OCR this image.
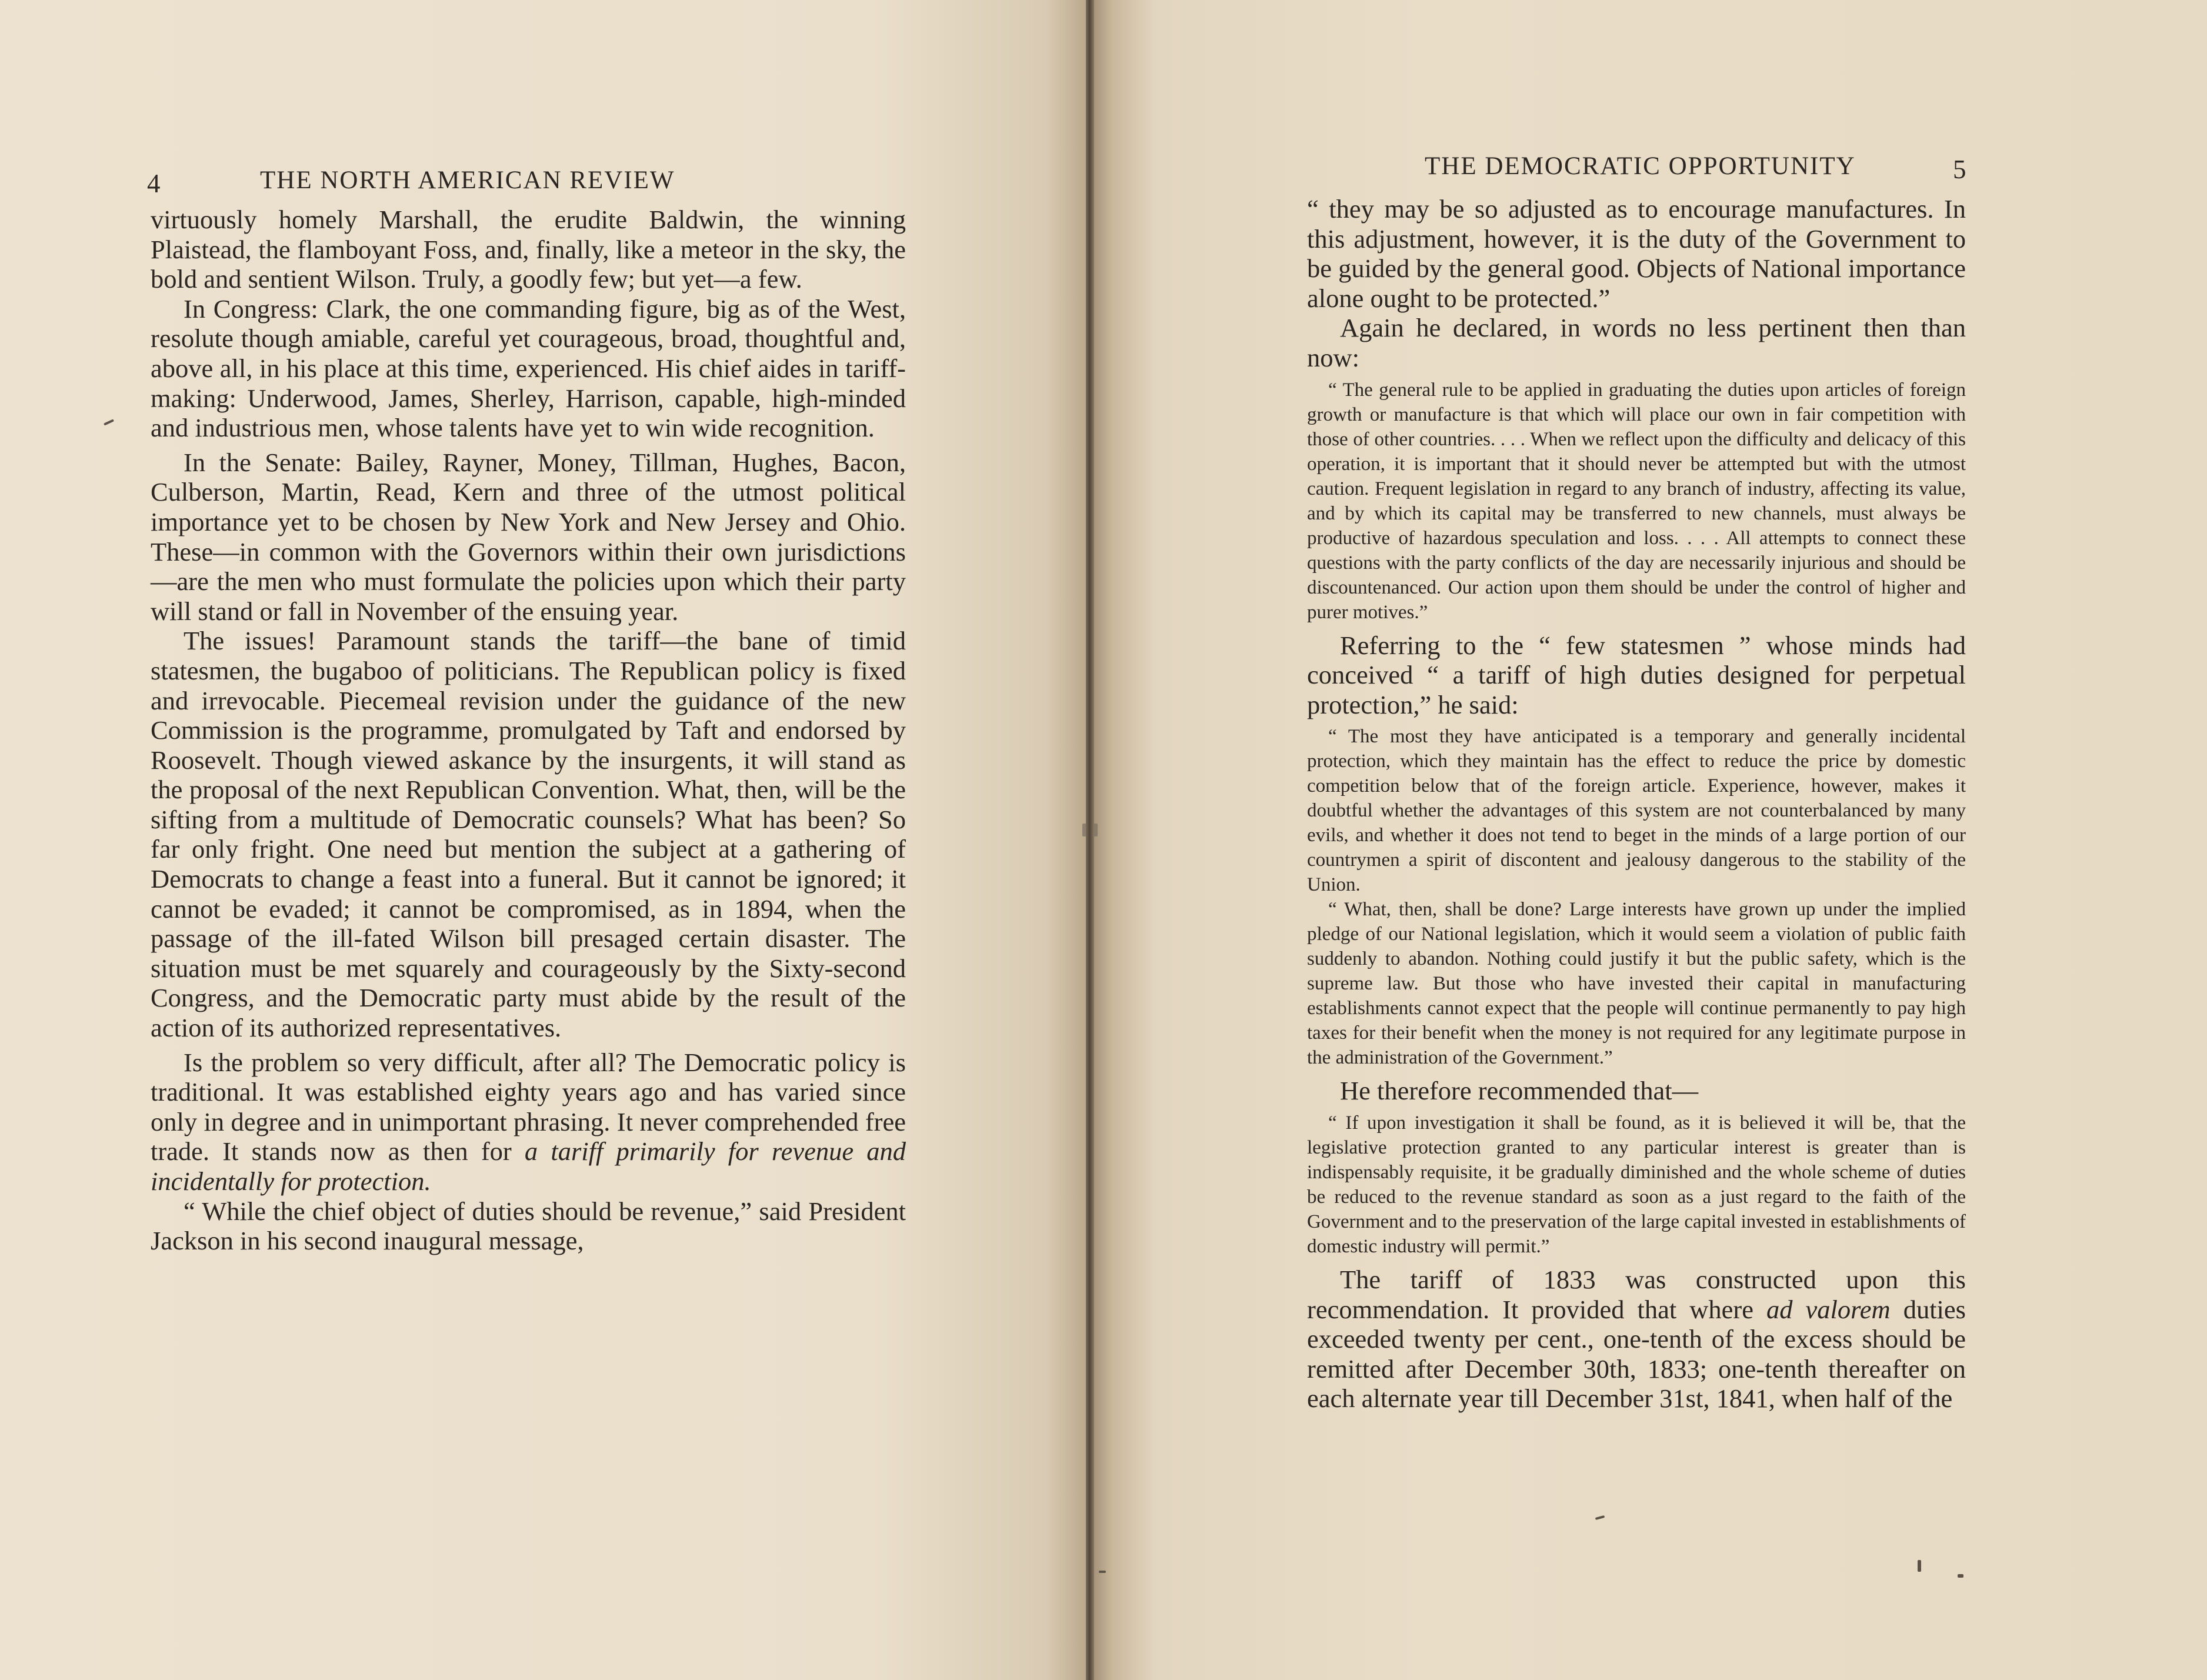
4	THE NORTH AMERICAN REVIEW

virtuously homely Marshall, the erudite Baldwin, the winning Plaistead, the flamboyant Foss, and, finally, like a meteor in the sky, the bold and sentient Wilson. Truly, a goodly few; but yet—a few.

In Congress: Clark, the one commanding figure, big as of the West, resolute though amiable, careful yet courageous, broad, thoughtful and, above all, in his place at this time, experienced. His chief aides in tariff-making: Underwood, James, Sherley, Harrison, capable, high-minded and industrious men, whose talents have yet to win wide recognition.

In the Senate: Bailey, Rayner, Money, Tillman, Hughes, Bacon, Culberson, Martin, Read, Kern and three of the utmost political importance yet to be chosen by New York and New Jersey and Ohio. These—in common with the Governors within their own jurisdictions—are the men who must formulate the policies upon which their party will stand or fall in November of the ensuing year.

The issues! Paramount stands the tariff—the bane of timid statesmen, the bugaboo of politicians. The Republican policy is fixed and irrevocable. Piecemeal revision under the guidance of the new Commission is the programme, promulgated by Taft and endorsed by Roosevelt. Though viewed askance by the insurgents, it will stand as the proposal of the next Republican Convention. What, then, will be the sifting from a multitude of Democratic counsels? What has been? So far only fright. One need but mention the subject at a gathering of Democrats to change a feast into a funeral. But it cannot be ignored; it cannot be evaded; it cannot be compromised, as in 1894, when the passage of the ill-fated Wilson bill presaged certain disaster. The situation must be met squarely and courageously by the Sixty-second Congress, and the Democratic party must abide by the result of the action of its authorized representatives.

Is the problem so very difficult, after all? The Democratic policy is traditional. It was established eighty years ago and has varied since only in degree and in unimportant phrasing. It never comprehended free trade. It stands now as then for a tariff primarily for revenue and incidentally for protection.

“ While the chief object of duties should be revenue,” said President Jackson in his second inaugural message,

THE DEMOCRATIC OPPORTUNITY	5

“ they may be so adjusted as to encourage manufactures. In this adjustment, however, it is the duty of the Government to be guided by the general good. Objects of National importance alone ought to be protected.”

Again he declared, in words no less pertinent then than now:

“ The general rule to be applied in graduating the duties upon articles of foreign growth or manufacture is that which will place our own in fair competition with those of other countries. . . . When we reflect upon the difficulty and delicacy of this operation, it is important that it should never be attempted but with the utmost caution. Frequent legislation in regard to any branch of industry, affecting its value, and by which its capital may be transferred to new channels, must always be productive of hazardous speculation and loss. . . . All attempts to connect these questions with the party conflicts of the day are necessarily injurious and should be discountenanced. Our action upon them should be under the control of higher and purer motives.”

Referring to the “ few statesmen ” whose minds had conceived “ a tariff of high duties designed for perpetual protection,” he said:

“ The most they have anticipated is a temporary and generally incidental protection, which they maintain has the effect to reduce the price by domestic competition below that of the foreign article. Experience, however, makes it doubtful whether the advantages of this system are not counterbalanced by many evils, and whether it does not tend to beget in the minds of a large portion of our countrymen a spirit of discontent and jealousy dangerous to the stability of the Union.

“ What, then, shall be done? Large interests have grown up under the implied pledge of our National legislation, which it would seem a violation of public faith suddenly to abandon. Nothing could justify it but the public safety, which is the supreme law. But those who have invested their capital in manufacturing establishments cannot expect that the people will continue permanently to pay high taxes for their benefit when the money is not required for any legitimate purpose in the administration of the Government.”

He therefore recommended that—

“ If upon investigation it shall be found, as it is believed it will be, that the legislative protection granted to any particular interest is greater than is indispensably requisite, it be gradually diminished and the whole scheme of duties be reduced to the revenue standard as soon as a just regard to the faith of the Government and to the preservation of the large capital invested in establishments of domestic industry will permit.”

The tariff of 1833 was constructed upon this recommendation. It provided that where ad valorem duties exceeded twenty per cent., one-tenth of the excess should be remitted after December 30th, 1833; one-tenth thereafter on each alternate year till December 31st, 1841, when half of the
